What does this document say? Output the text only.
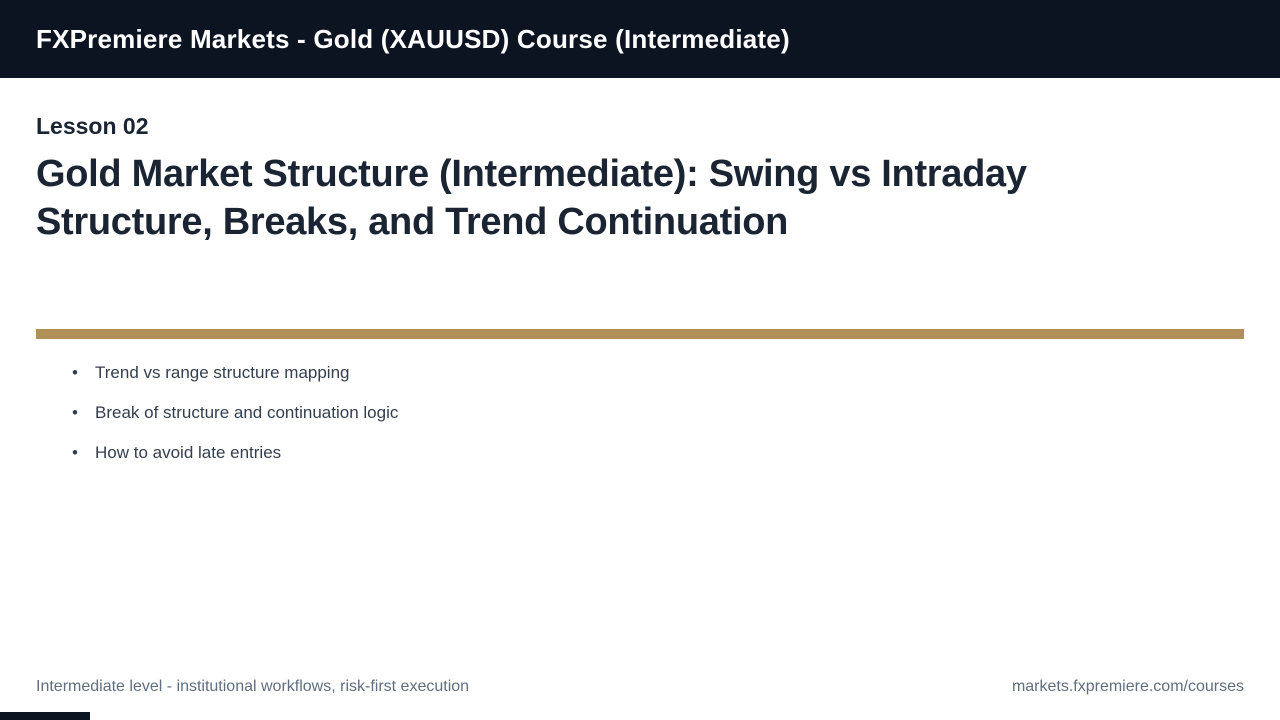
FXPremiere Markets - Gold (XAUUSD) Course (Intermediate)
Lesson 02
Gold Market Structure (Intermediate): Swing vs Intraday Structure, Breaks, and Trend Continuation
•	Trend vs range structure mapping
•	Break of structure and continuation logic
•	How to avoid late entries
Intermediate level - institutional workflows, risk-first execution	markets.fxpremiere.com/courses
